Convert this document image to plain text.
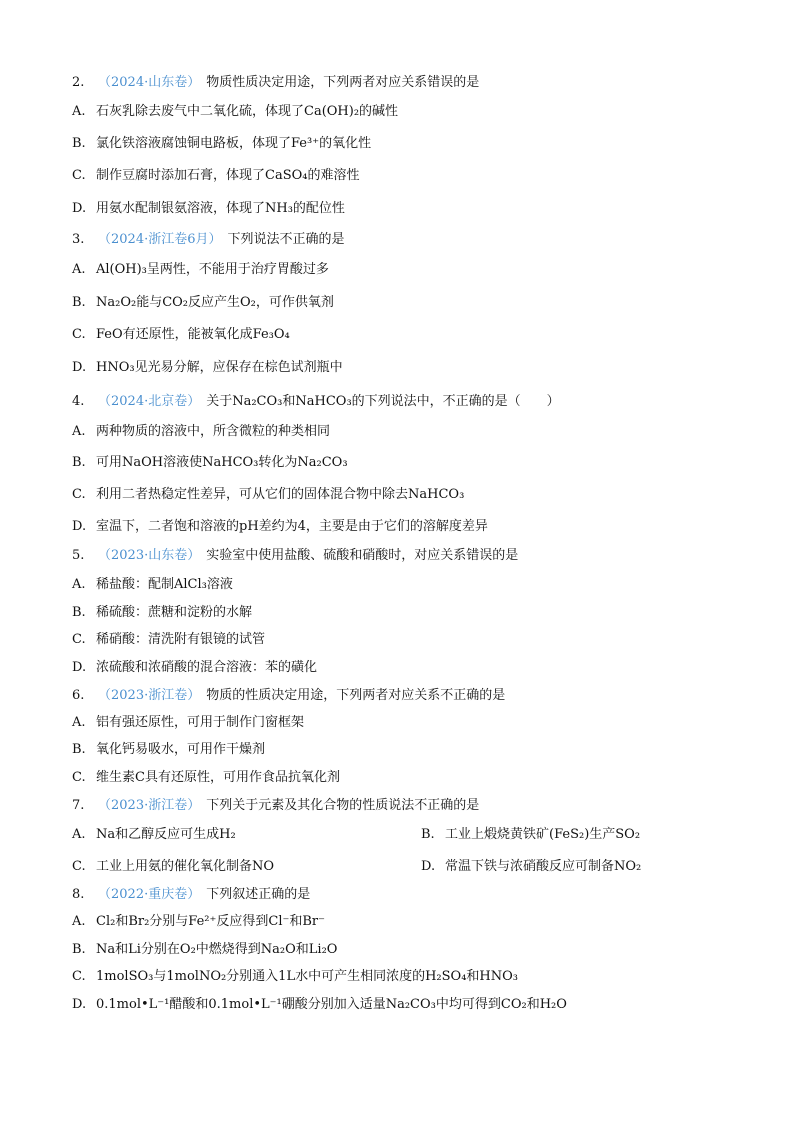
2. （2024·山东卷） 物质性质决定用途，下列两者对应关系错误的是
A. 石灰乳除去废气中二氧化硫，体现了Ca(OH)₂的碱性
B. 氯化铁溶液腐蚀铜电路板，体现了Fe³⁺的氧化性
C. 制作豆腐时添加石膏，体现了CaSO₄的难溶性
D. 用氨水配制银氨溶液，体现了NH₃的配位性
3. （2024·浙江卷6月） 下列说法不正确的是
A. Al(OH)₃呈两性，不能用于治疗胃酸过多
B. Na₂O₂能与CO₂反应产生O₂，可作供氧剂
C. FeO有还原性，能被氧化成Fe₃O₄
D. HNO₃见光易分解，应保存在棕色试剂瓶中
4. （2024·北京卷） 关于Na₂CO₃和NaHCO₃的下列说法中，不正确的是（　　）
A. 两种物质的溶液中，所含微粒的种类相同
B. 可用NaOH溶液使NaHCO₃转化为Na₂CO₃
C. 利用二者热稳定性差异，可从它们的固体混合物中除去NaHCO₃
D. 室温下，二者饱和溶液的pH差约为4，主要是由于它们的溶解度差异
5. （2023·山东卷） 实验室中使用盐酸、硫酸和硝酸时，对应关系错误的是
A. 稀盐酸：配制AlCl₃溶液
B. 稀硫酸：蔗糖和淀粉的水解
C. 稀硝酸：清洗附有银镜的试管
D. 浓硫酸和浓硝酸的混合溶液：苯的磺化
6. （2023·浙江卷） 物质的性质决定用途，下列两者对应关系不正确的是
A. 铝有强还原性，可用于制作门窗框架
B. 氧化钙易吸水，可用作干燥剂
C. 维生素C具有还原性，可用作食品抗氧化剂
7. （2023·浙江卷） 下列关于元素及其化合物的性质说法不正确的是
A. Na和乙醇反应可生成H₂	B. 工业上煅烧黄铁矿(FeS₂)生产SO₂
C. 工业上用氨的催化氧化制备NO	D. 常温下铁与浓硝酸反应可制备NO₂
8. （2022·重庆卷） 下列叙述正确的是
A. Cl₂和Br₂分别与Fe²⁺反应得到Cl⁻和Br⁻
B. Na和Li分别在O₂中燃烧得到Na₂O和Li₂O
C. 1molSO₃与1molNO₂分别通入1L水中可产生相同浓度的H₂SO₄和HNO₃
D. 0.1mol•L⁻¹醋酸和0.1mol•L⁻¹硼酸分别加入适量Na₂CO₃中均可得到CO₂和H₂O
